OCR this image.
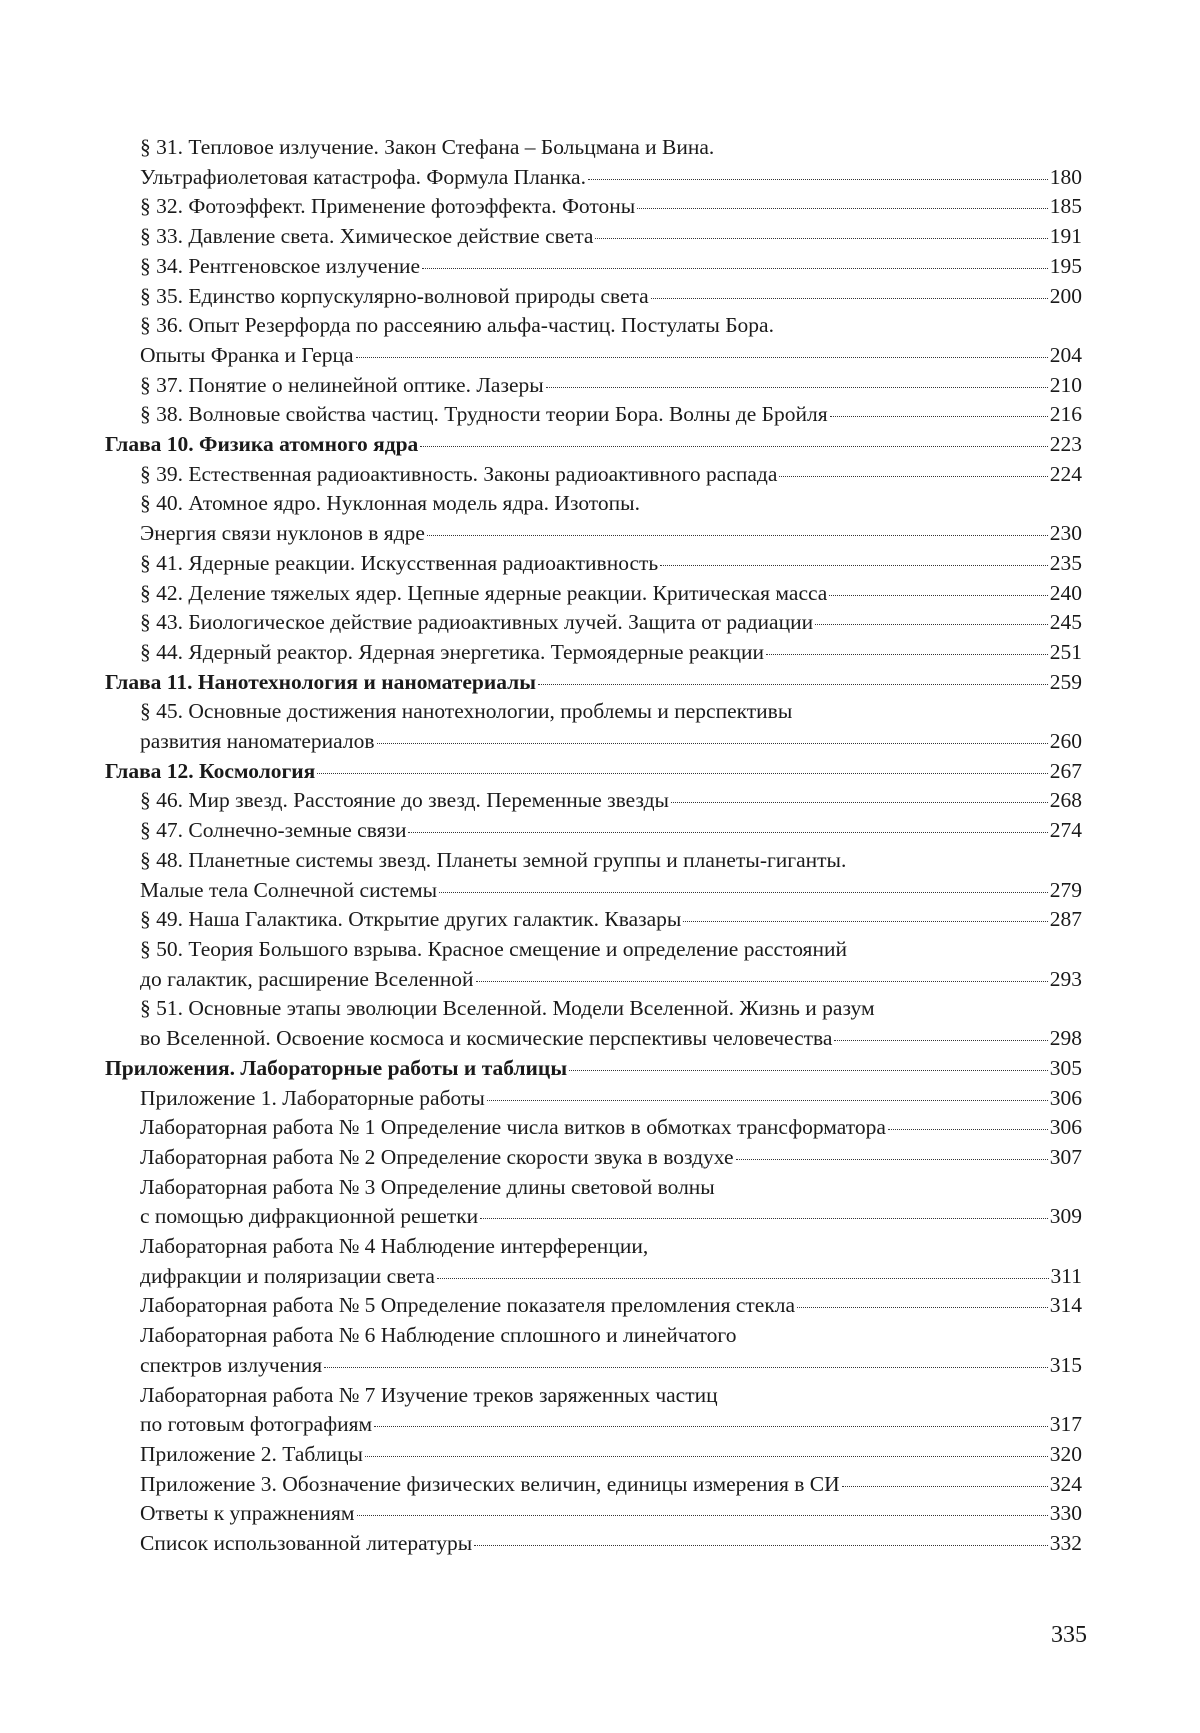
§ 31. Тепловое излучение. Закон Стефана – Больцмана и Вина.
Ультрафиолетовая катастрофа. Формула Планка.	180
§ 32. Фотоэффект. Применение фотоэффекта. Фотоны	185
§ 33. Давление света. Химическое действие света	191
§ 34. Рентгеновское излучение	195
§ 35. Единство корпускулярно-волновой природы света	200
§ 36. Опыт Резерфорда по рассеянию альфа-частиц. Постулаты Бора.
Опыты Франка и Герца	204
§ 37. Понятие о нелинейной оптике. Лазеры	210
§ 38. Волновые свойства частиц. Трудности теории Бора. Волны де Бройля	216
Глава 10. Физика атомного ядра	223
§ 39. Естественная радиоактивность. Законы радиоактивного распада	224
§ 40. Атомное ядро. Нуклонная модель ядра. Изотопы.
Энергия связи нуклонов в ядре	230
§ 41. Ядерные реакции. Искусственная радиоактивность	235
§ 42. Деление тяжелых ядер. Цепные ядерные реакции. Критическая масса	240
§ 43. Биологическое действие радиоактивных лучей. Защита от радиации	245
§ 44. Ядерный реактор. Ядерная энергетика. Термоядерные реакции	251
Глава 11. Нанотехнология и наноматериалы	259
§ 45. Основные достижения нанотехнологии, проблемы и перспективы
развития наноматериалов	260
Глава 12. Космология	267
§ 46. Мир звезд. Расстояние до звезд. Переменные звезды	268
§ 47. Солнечно-земные связи	274
§ 48. Планетные системы звезд. Планеты земной группы и планеты-гиганты.
Малые тела Солнечной системы	279
§ 49. Наша Галактика. Открытие других галактик. Квазары	287
§ 50. Теория Большого взрыва. Красное смещение и определение расстояний
до галактик, расширение Вселенной	293
§ 51. Основные этапы эволюции Вселенной. Модели Вселенной. Жизнь и разум
во Вселенной. Освоение космоса и космические перспективы человечества	298
Приложения. Лабораторные работы и таблицы	305
Приложение 1. Лабораторные работы	306
Лабораторная работа № 1 Определение числа витков в обмотках трансформатора	306
Лабораторная работа № 2 Определение скорости звука в воздухе	307
Лабораторная работа № 3 Определение длины световой волны
с помощью дифракционной решетки	309
Лабораторная работа № 4 Наблюдение интерференции,
дифракции и поляризации света	311
Лабораторная работа № 5 Определение показателя преломления стекла	314
Лабораторная работа № 6 Наблюдение сплошного и линейчатого
спектров излучения	315
Лабораторная работа № 7 Изучение треков заряженных частиц
по готовым фотографиям	317
Приложение 2. Таблицы	320
Приложение 3. Обозначение физических величин, единицы измерения в СИ	324
Ответы к упражнениям	330
Список использованной литературы	332
335
